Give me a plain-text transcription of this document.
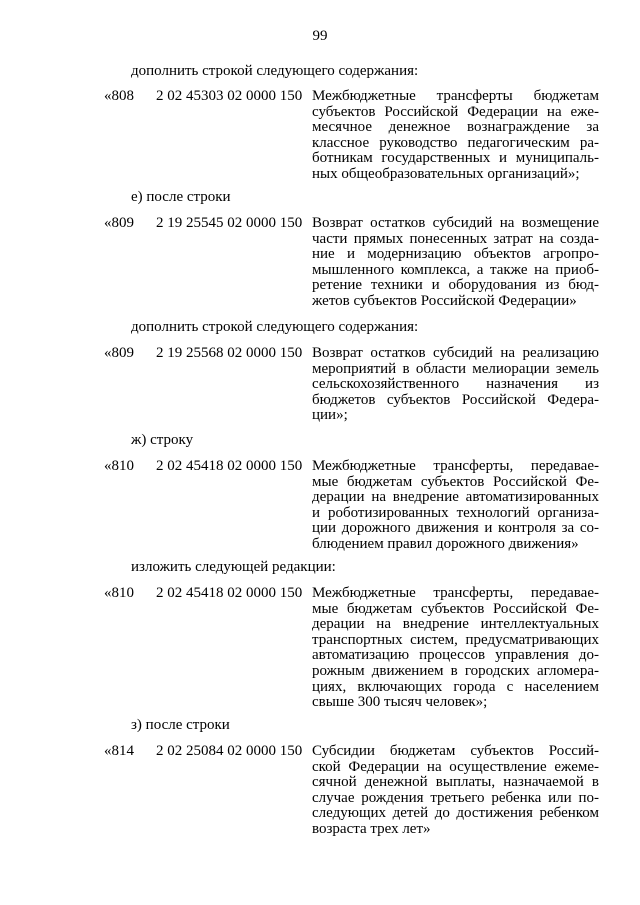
99
дополнить строкой следующего содержания:
«808 2 02 45303 02 0000 150 Межбюджетные трансферты бюджетам
субъектов Российской Федерации на еже-
месячное денежное вознаграждение за
классное руководство педагогическим ра-
ботникам государственных и муниципаль-
ных общеобразовательных организаций»;
е) после строки
«809 2 19 25545 02 0000 150 Возврат остатков субсидий на возмещение
части прямых понесенных затрат на созда-
ние и модернизацию объектов агропро-
мышленного комплекса, а также на приоб-
ретение техники и оборудования из бюд-
жетов субъектов Российской Федерации»
дополнить строкой следующего содержания:
«809 2 19 25568 02 0000 150 Возврат остатков субсидий на реализацию
мероприятий в области мелиорации земель
сельскохозяйственного назначения из
бюджетов субъектов Российской Федера-
ции»;
ж) строку
«810 2 02 45418 02 0000 150 Межбюджетные трансферты, передавае-
мые бюджетам субъектов Российской Фе-
дерации на внедрение автоматизированных
и роботизированных технологий организа-
ции дорожного движения и контроля за со-
блюдением правил дорожного движения»
изложить следующей редакции:
«810 2 02 45418 02 0000 150 Межбюджетные трансферты, передавае-
мые бюджетам субъектов Российской Фе-
дерации на внедрение интеллектуальных
транспортных систем, предусматривающих
автоматизацию процессов управления до-
рожным движением в городских агломера-
циях, включающих города с населением
свыше 300 тысяч человек»;
з) после строки
«814 2 02 25084 02 0000 150 Субсидии бюджетам субъектов Россий-
ской Федерации на осуществление ежеме-
сячной денежной выплаты, назначаемой в
случае рождения третьего ребенка или по-
следующих детей до достижения ребенком
возраста трех лет»
